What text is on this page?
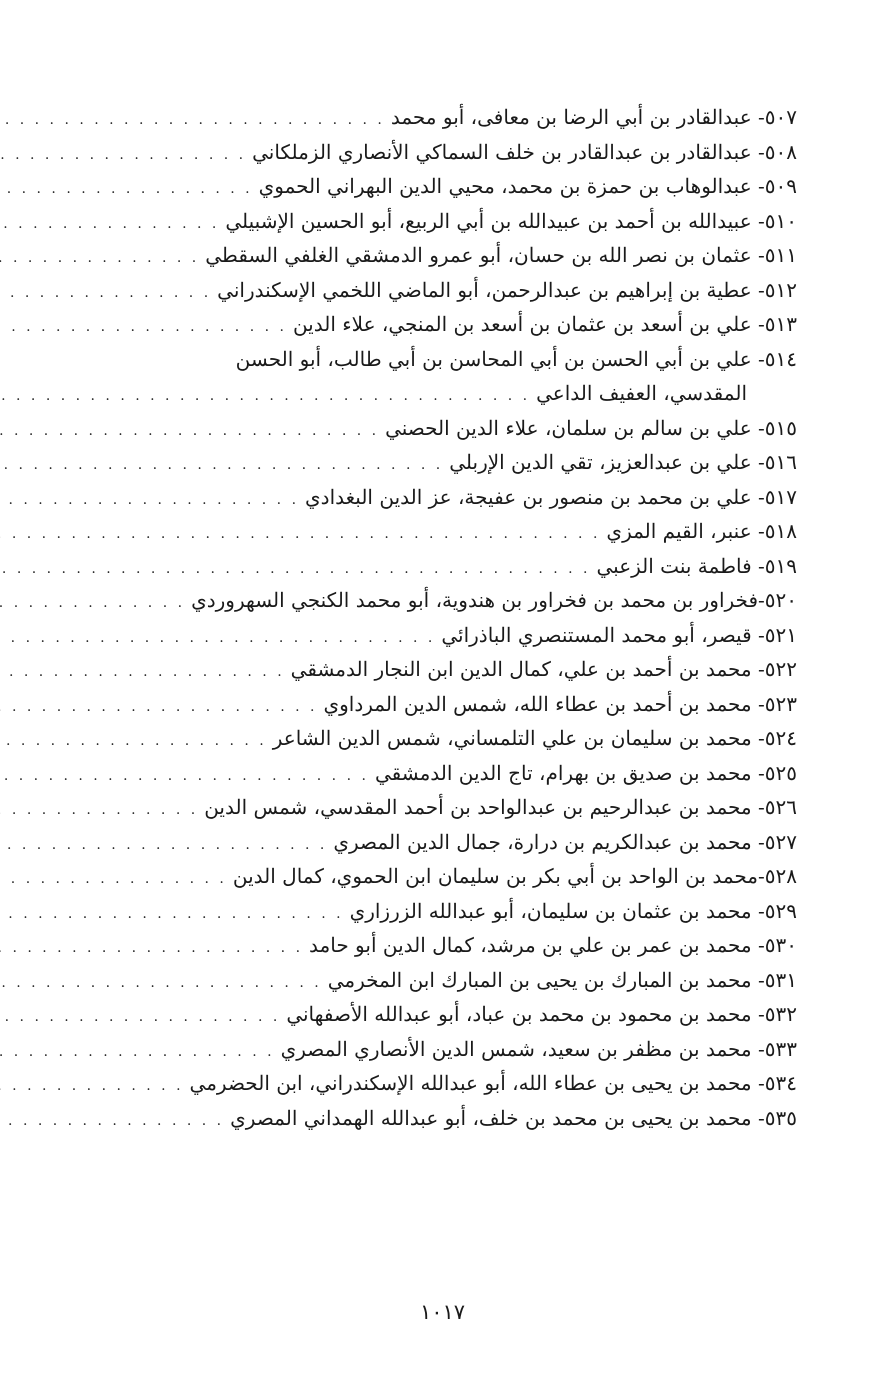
٥٠٧- عبدالقادر بن أبي الرضا بن معافى، أبو محمد
. . .
٥٠٨- عبدالقادر بن عبدالقادر بن خلف السماكي الأنصاري الزملكاني
. . .
٥٠٩- عبدالوهاب بن حمزة بن محمد، محيي الدين البهراني الحموي
. . .
٥١٠- عبيدالله بن أحمد بن عبيدالله بن أبي الربيع، أبو الحسين الإشبيلي
. . .
٥١١- عثمان بن نصر الله بن حسان، أبو عمرو الدمشقي الغلفي السقطي
. . .
٥١٢- عطية بن إبراهيم بن عبدالرحمن، أبو الماضي اللخمي الإسكندراني
. . .
٥١٣- علي بن أسعد بن عثمان بن أسعد بن المنجي، علاء الدين
. . .
٥١٤- علي بن أبي الحسن بن أبي المحاسن بن أبي طالب، أبو الحسن
المقدسي، العفيف الداعي
. . .
٥١٥- علي بن سالم بن سلمان، علاء الدين الحصني
. . .
٥١٦- علي بن عبدالعزيز، تقي الدين الإربلي
. . .
٥١٧- علي بن محمد بن منصور بن عفيجة، عز الدين البغدادي
. . .
٥١٨- عنبر، القيم المزي
. . .
٥١٩- فاطمة بنت الزعبي
. . .
٥٢٠-فخراور بن محمد بن فخراور بن هندوية، أبو محمد الكنجي السهروردي
. . .
٥٢١- قيصر، أبو محمد المستنصري الباذرائي
. . .
٥٢٢- محمد بن أحمد بن علي، كمال الدين ابن النجار الدمشقي
. . .
٥٢٣- محمد بن أحمد بن عطاء الله، شمس الدين المرداوي
. . .
٥٢٤- محمد بن سليمان بن علي التلمساني، شمس الدين الشاعر
. . .
٥٢٥- محمد بن صديق بن بهرام، تاج الدين الدمشقي
. . .
٥٢٦- محمد بن عبدالرحيم بن عبدالواحد بن أحمد المقدسي، شمس الدين
. . .
٥٢٧- محمد بن عبدالكريم بن درارة، جمال الدين المصري
. . .
٥٢٨-محمد بن الواحد بن أبي بكر بن سليمان ابن الحموي، كمال الدين
. . .
٥٢٩- محمد بن عثمان بن سليمان، أبو عبدالله الزرزاري
. . .
٥٣٠- محمد بن عمر بن علي بن مرشد، كمال الدين أبو حامد
. . .
٥٣١- محمد بن المبارك بن يحيى بن المبارك ابن المخرمي
. . .
٥٣٢- محمد بن محمود بن محمد بن عباد، أبو عبدالله الأصفهاني
. . .
٥٣٣- محمد بن مظفر بن سعيد، شمس الدين الأنصاري المصري
. . .
٥٣٤- محمد بن يحيى بن عطاء الله، أبو عبدالله الإسكندراني، ابن الحضرمي
. . .
٥٣٥- محمد بن يحيى بن محمد بن خلف، أبو عبدالله الهمداني المصري
. . .
١٠١٧
